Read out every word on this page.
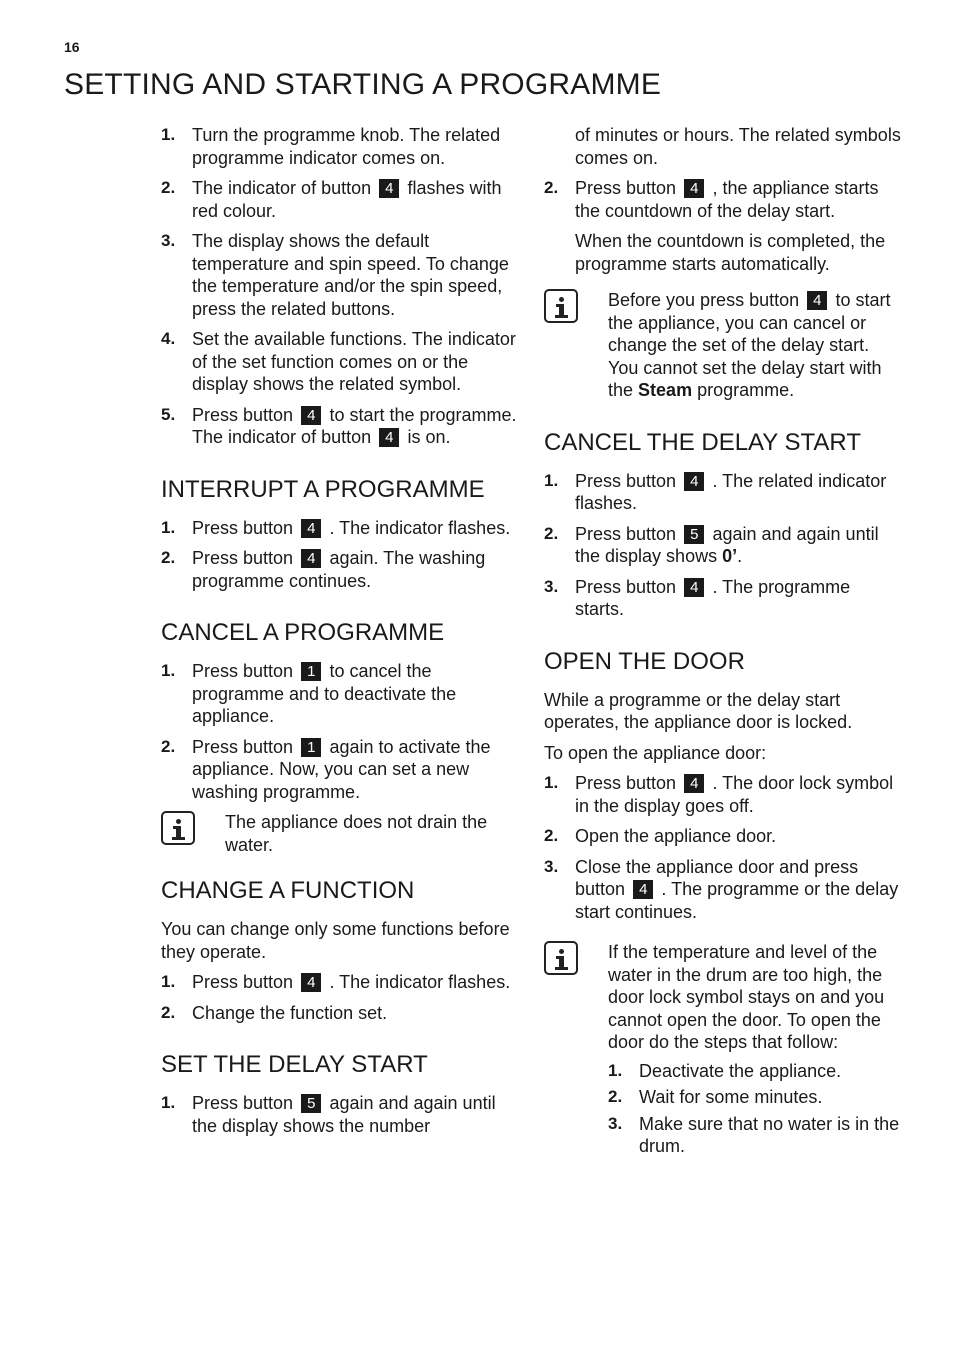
16
SETTING AND STARTING A PROGRAMME
1. Turn the programme knob. The related programme indicator comes on.
2. The indicator of button 4 flashes with red colour.
3. The display shows the default temperature and spin speed. To change the temperature and/or the spin speed, press the related buttons.
4. Set the available functions. The indicator of the set function comes on or the display shows the related symbol.
5. Press button 4 to start the programme. The indicator of button 4 is on.
INTERRUPT A PROGRAMME
1. Press button 4 . The indicator flashes.
2. Press button 4 again. The washing programme continues.
CANCEL A PROGRAMME
1. Press button 1 to cancel the programme and to deactivate the appliance.
2. Press button 1 again to activate the appliance. Now, you can set a new washing programme.
The appliance does not drain the water.
CHANGE A FUNCTION

You can change only some functions before they operate.

1. Press button 4 . The indicator flashes.
2. Change the function set.
SET THE DELAY START
1. Press button 5 again and again until the display shows the number

of minutes or hours. The related symbols comes on.

2. Press button 4 , the appliance starts the countdown of the delay start.

When the countdown is completed, the programme starts automatically.

Before you press button 4 to start the appliance, you can cancel or change the set of the delay start.
You cannot set the delay start with the Steam programme.
CANCEL THE DELAY START
1. Press button 4 . The related indicator flashes.
2. Press button 5 again and again until the display shows 0’.
3. Press button 4 . The programme starts.
OPEN THE DOOR

While a programme or the delay start operates, the appliance door is locked.

To open the appliance door:

1. Press button 4 . The door lock symbol in the display goes off.
2. Open the appliance door.
3. Close the appliance door and press button 4 . The programme or the delay start continues.
If the temperature and level of the water in the drum are too high, the door lock symbol stays on and you cannot open the door. To open the door do the steps that follow:
1. Deactivate the appliance.
2. Wait for some minutes.
3. Make sure that no water is in the drum.
